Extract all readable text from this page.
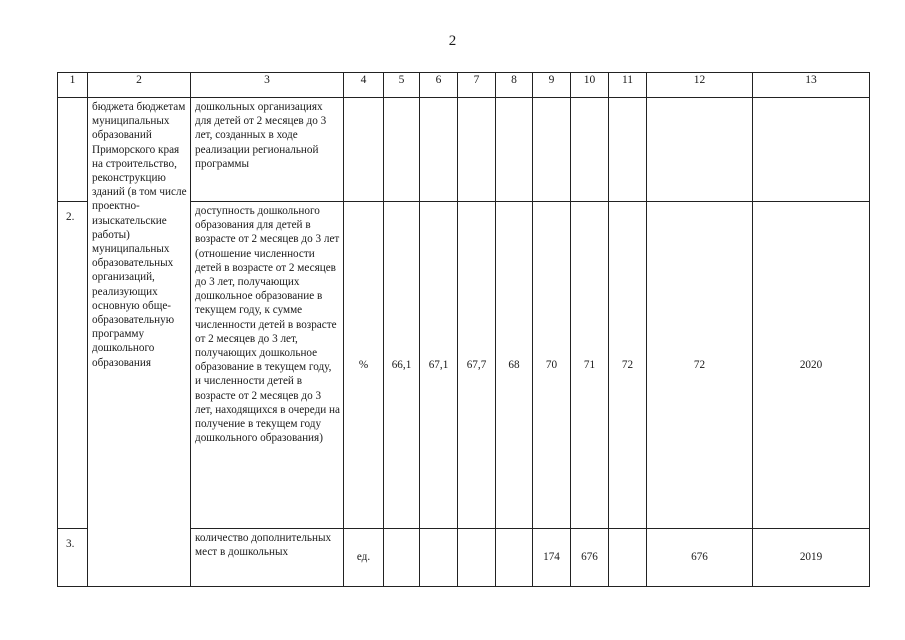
2
1	2	3	4	5	6	7	8	9	10	11	12	13
	бюджета бюджетам муниципальных образований Приморского края на строительство, реконструкцию зданий (в том числе проектно-изыскательские работы) муниципальных образовательных организаций, реализующих основную обще-образовательную программу дошкольного образования	дошкольных организациях для детей от 2 месяцев до 3 лет, созданных в ходе реализации региональной программы										
2.		доступность дошкольного образования для детей в возрасте от 2 месяцев до 3 лет (отношение численности детей в возрасте от 2 месяцев до 3 лет, получающих дошкольное образование в текущем году, к сумме численности детей в возрасте от 2 месяцев до 3 лет, получающих дошкольное образование в текущем году, и численности детей в возрасте от 2 месяцев до 3 лет, находящихся в очереди на получение в текущем году дошкольного образования)	%	66,1	67,1	67,7	68	70	71	72	72	2020
3.		количество дополнительных мест в дошкольных	ед.					174	676		676	2019
